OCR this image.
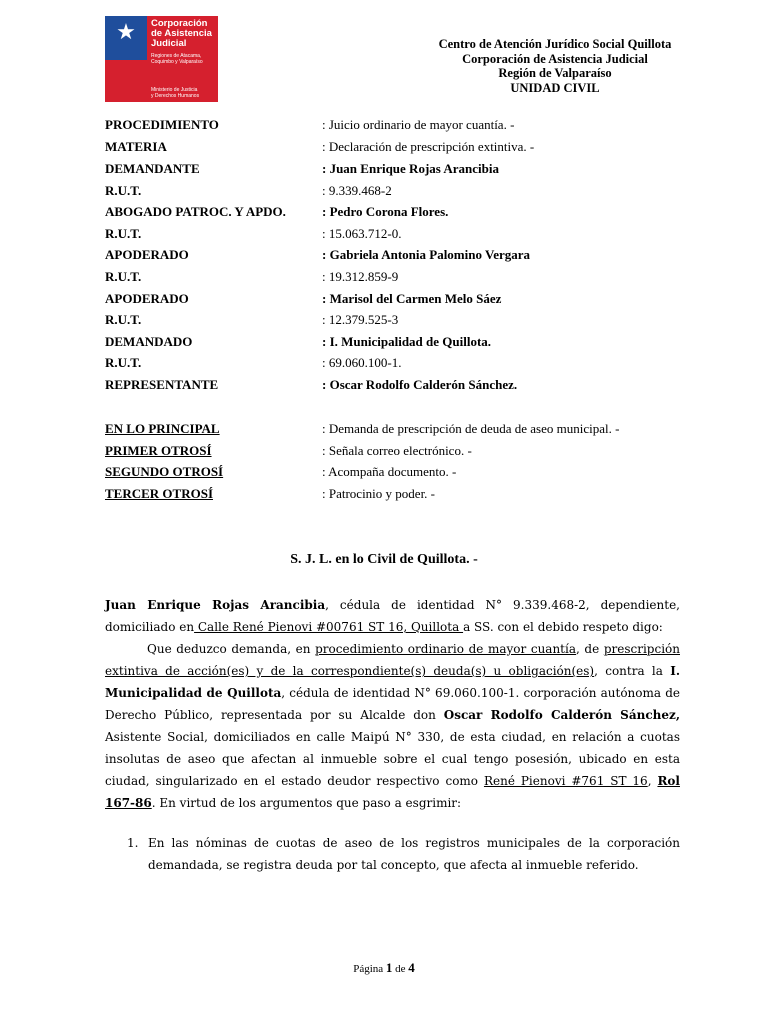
★	Corporación
de Asistencia
Judicial
Regiones de Atacama,
Coquimbo y Valparaíso
Ministerio de Justicia
y Derechos Humanos
Centro de Atención Jurídico Social Quillota
Corporación de Asistencia Judicial
Región de Valparaíso
UNIDAD CIVIL
PROCEDIMIENTO	: Juicio ordinario de mayor cuantía. -
MATERIA	: Declaración de prescripción extintiva. -
DEMANDANTE	: Juan Enrique Rojas Arancibia
R.U.T.	: 9.339.468-2
ABOGADO PATROC. Y APDO.	: Pedro Corona Flores.
R.U.T.	: 15.063.712-0.
APODERADO	: Gabriela Antonia Palomino Vergara
R.U.T.	: 19.312.859-9
APODERADO	: Marisol del Carmen Melo Sáez
R.U.T.	: 12.379.525-3
DEMANDADO	: I. Municipalidad de Quillota.
R.U.T.	: 69.060.100-1.
REPRESENTANTE	: Oscar Rodolfo Calderón Sánchez.
EN LO PRINCIPAL	: Demanda de prescripción de deuda de aseo municipal. -
PRIMER OTROSÍ	: Señala correo electrónico. -
SEGUNDO OTROSÍ	: Acompaña documento. -
TERCER OTROSÍ	: Patrocinio y poder. -
S. J. L. en lo Civil de Quillota. -
Juan Enrique Rojas Arancibia, cédula de identidad N° 9.339.468-2, dependiente, domiciliado en Calle René Pienovi #00761 ST 16, Quillota a SS. con el debido respeto digo:
Que deduzco demanda, en procedimiento ordinario de mayor cuantía, de prescripción extintiva de acción(es) y de la correspondiente(s) deuda(s) u obligación(es), contra la I. Municipalidad de Quillota, cédula de identidad N° 69.060.100-1. corporación autónoma de Derecho Público, representada por su Alcalde don Oscar Rodolfo Calderón Sánchez, Asistente Social, domiciliados en calle Maipú N° 330, de esta ciudad, en relación a cuotas insolutas de aseo que afectan al inmueble sobre el cual tengo posesión, ubicado en esta ciudad, singularizado en el estado deudor respectivo como René Pienovi #761 ST 16, Rol 167-86. En virtud de los argumentos que paso a esgrimir:
1. En las nóminas de cuotas de aseo de los registros municipales de la corporación demandada, se registra deuda por tal concepto, que afecta al inmueble referido.
Página 1 de 4
